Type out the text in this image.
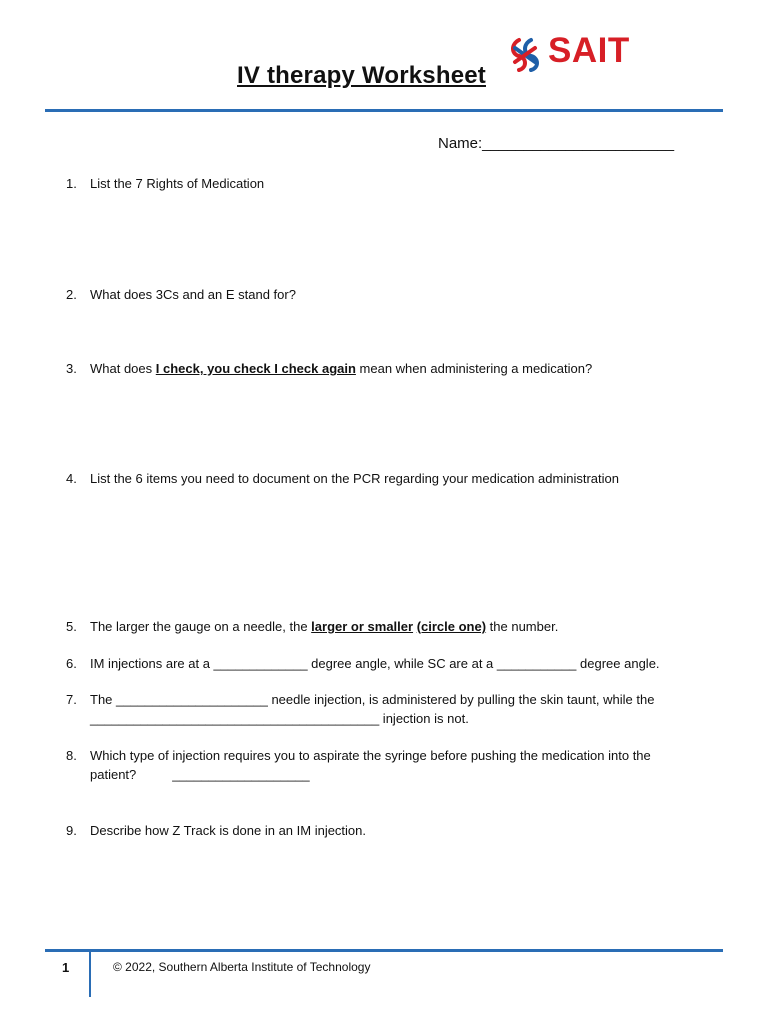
IV therapy Worksheet
SAIT
Name:_______________________
1.	List the 7 Rights of Medication
2.	What does 3Cs and an E stand for?
3.	What does I check, you check I check again mean when administering a medication?
4.	List the 6 items you need to document on the PCR regarding your medication administration
5.	The larger the gauge on a needle, the larger or smaller (circle one) the number.
6.	IM injections are at a _____________ degree angle, while SC are at a ___________ degree angle.
7.	The _____________________ needle injection, is administered by pulling the skin taunt, while the
________________________________________ injection is not.
8.	Which type of injection requires you to aspirate the syringe before pushing the medication into the
patient?	___________________
9.	Describe how Z Track is done in an IM injection.
1	© 2022, Southern Alberta Institute of Technology
